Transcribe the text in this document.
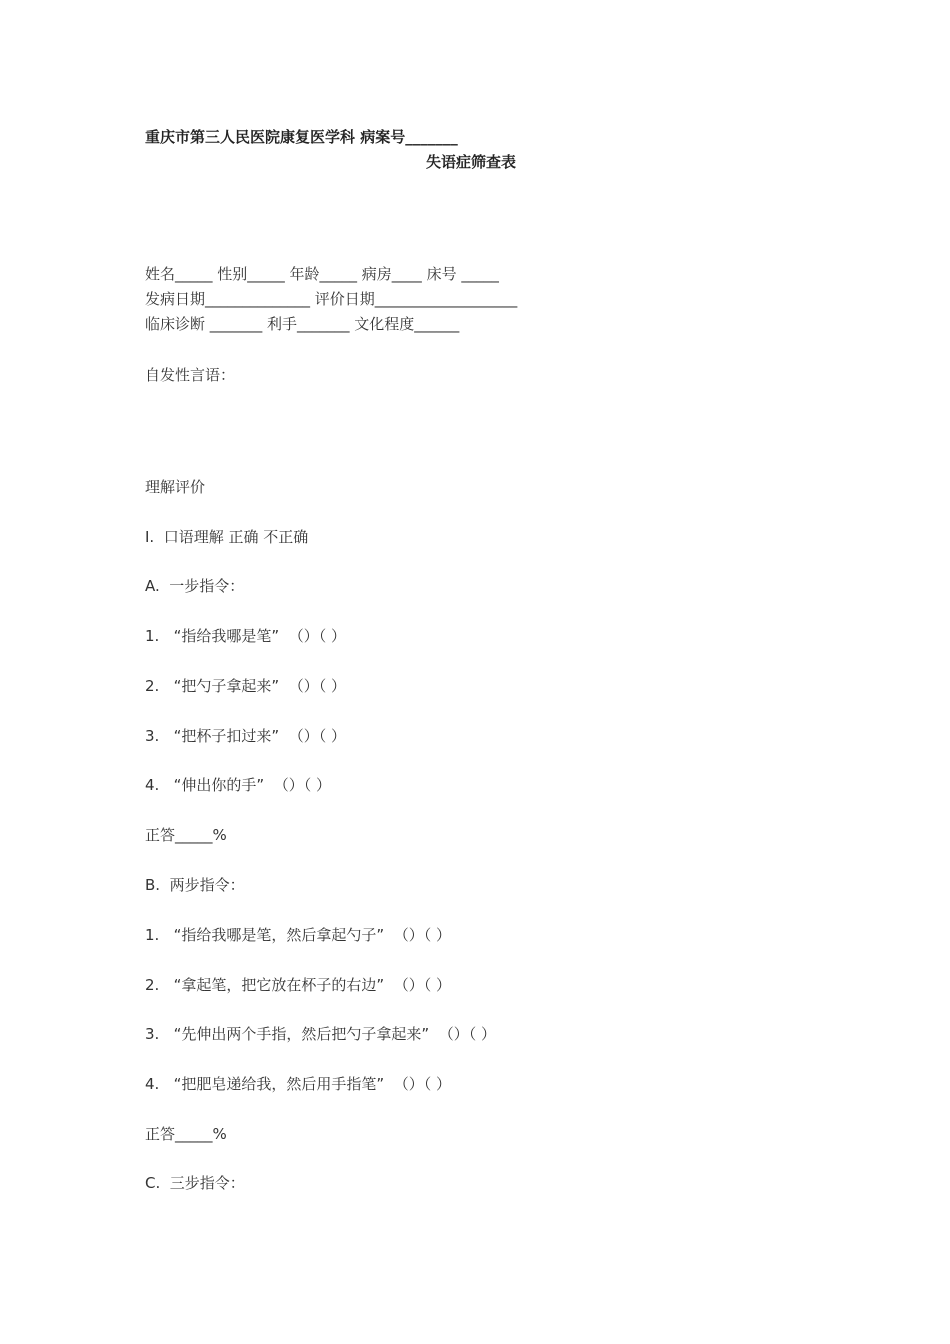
重庆市第三人民医院康复医学科 病案号_______
失语症筛查表
姓名_____ 性别_____ 年龄_____ 病房____ 床号 _____
发病日期______________ 评价日期___________________
临床诊断 _______ 利手_______ 文化程度______
自发性言语：
理解评价
I.  口语理解 正确 不正确
A.  一步指令：
1.   “指给我哪是笔”  （）（ ）
2.   “把勺子拿起来”  （）（ ）
3.   “把杯子扣过来”  （）（ ）
4.   “伸出你的手”  （）（ ）
正答_____%
B.  两步指令：
1.   “指给我哪是笔，然后拿起勺子”  （）（ ）
2.   “拿起笔，把它放在杯子的右边”  （）（ ）
3.   “先伸出两个手指，然后把勺子拿起来”  （）（ ）
4.   “把肥皂递给我，然后用手指笔”  （）（ ）
正答_____%
C.  三步指令：
